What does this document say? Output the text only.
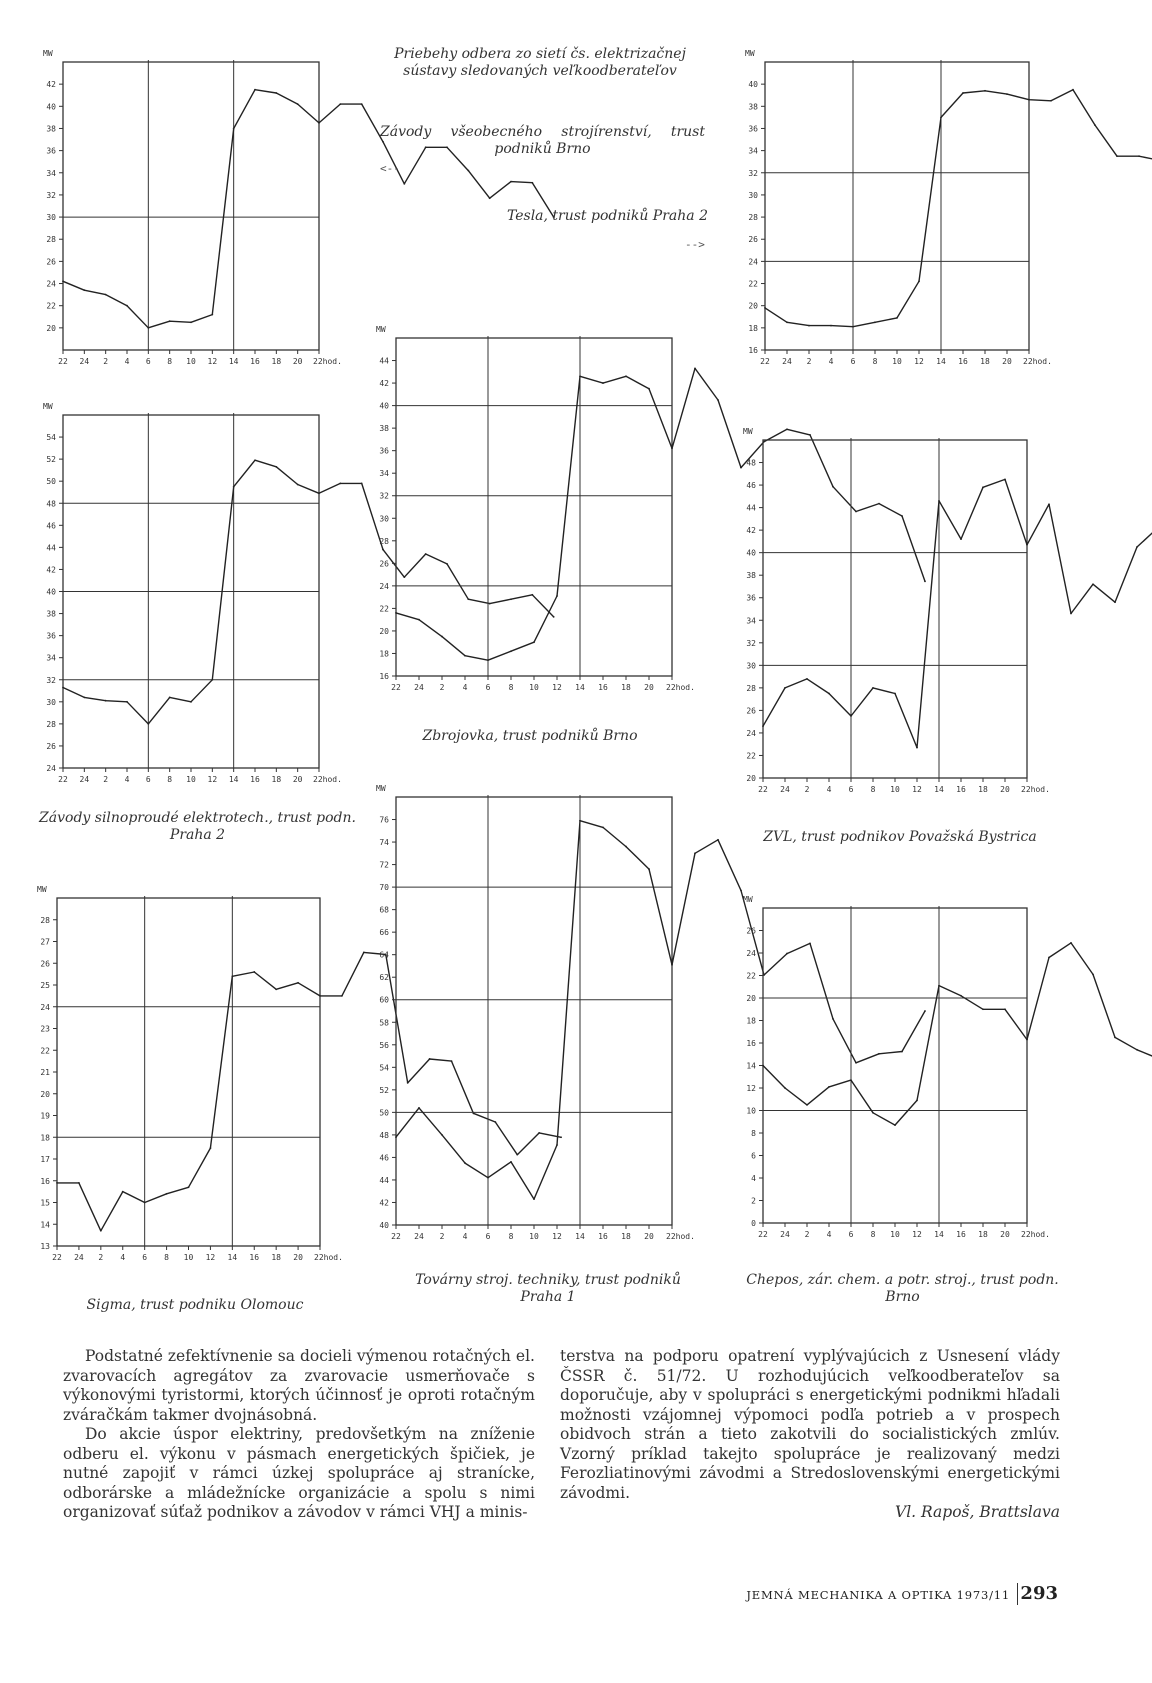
20
22
24
26
28
30
32
34
36
38
40
42
MW
22 24 2 4 6 8 10 12 14 16 18 20 22hod.
16
18
20
22
24
26
28
30
32
34
36
38
40
MW
22 24 2 4 6 8 10 12 14 16 18 20 22hod.
24
26
28
30
32
34
36
38
40
42
44
46
48
50
52
54
MW
22 24 2 4 6 8 10 12 14 16 18 20 22hod.
16
18
20
22
24
26
28
30
32
34
36
38
40
42
44
MW
22 24 2 4 6 8 10 12 14 16 18 20 22hod.
20
22
24
26
28
30
32
34
36
38
40
42
44
46
48
MW
22 24 2 4 6 8 10 12 14 16 18 20 22hod.
13
14
15
16
17
18
19
20
21
22
23
24
25
26
27
28
MW
22 24 2 4 6 8 10 12 14 16 18 20 22hod.
40
42
44
46
48
50
52
54
56
58
60
62
64
66
68
70
72
74
76
MW
22 24 2 4 6 8 10 12 14 16 18 20 22hod.
0
2
4
6
8
10
12
14
16
18
20
22
24
26
MW
22 24 2 4 6 8 10 12 14 16 18 20 22hod.
Priebehy odbera zo sietí čs. elektrizačnej
sústavy sledovaných veľkoodberateľov
Závody všeobecného strojírenství, trust
podniků Brno
<--
Tesla, trust podniků Praha 2
-->
Zbrojovka, trust podniků Brno
Závody silnoproudé elektrotech., trust podn.
Praha 2	ZVL, trust podnikov Považská Bystrica
Sigma, trust podniku Olomouc
Továrny stroj. techniky, trust podniků
Praha 1
Chepos, zár. chem. a potr. stroj., trust podn.
Brno

Podstatné zefektívnenie sa docieli výmenou rotačných el. zvarovacích agregátov za zvarovacie usmerňovače s výkonovými tyristormi, ktorých účinnosť je oproti rotačným zváračkám takmer dvojnásobná.

Do akcie úspor elektriny, predovšetkým na zníženie odberu el. výkonu v pásmach energetických špičiek, je nutné zapojiť v rámci úzkej spolupráce aj stranícke, odborárske a mládežnícke organizácie a spolu s nimi organizovať súťaž podnikov a závodov v rámci VHJ a minis-

terstva na podporu opatrení vyplývajúcich z Usnesení vlády ČSSR č. 51/72. U rozhodujúcich veľkoodberateľov sa doporučuje, aby v spolupráci s energetickými podnikmi hľadali možnosti vzájomnej výpomoci podľa potrieb a v prospech obidvoch strán a tieto zakotvili do socialistických zmlúv. Vzorný príklad takejto spolupráce je realizovaný medzi Ferozliatinovými závodmi a Stredoslovenskými energetickými závodmi.

Vl. Rapoš, Brattslava
JEMNÁ MECHANIKA A OPTIKA 1973/11 293
